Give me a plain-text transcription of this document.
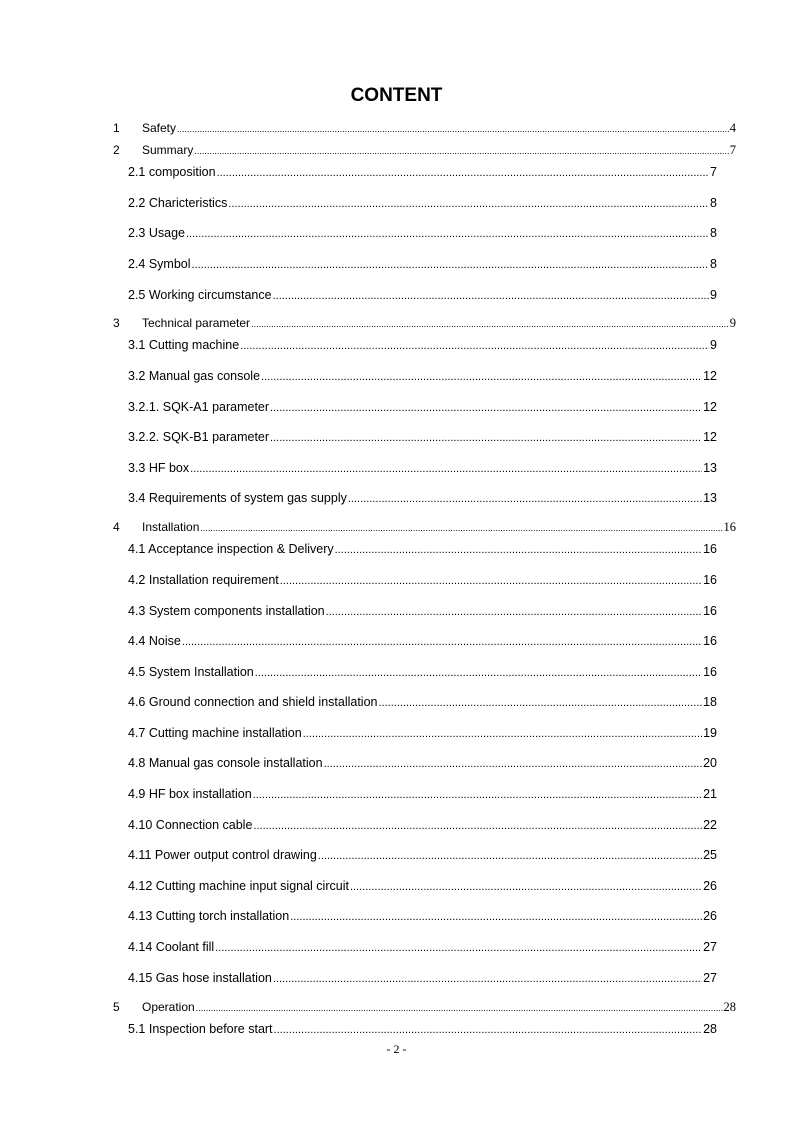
CONTENT
1	Safety .....	4
2	Summary .....	7
2.1 composition .....	7
2.2 Charicteristics .....	8
2.3 Usage .....	8
2.4 Symbol .....	8
2.5 Working circumstance .....	9
3	Technical parameter .....	9
3.1 Cutting machine .....	9
3.2 Manual gas console .....	12
3.2.1. SQK-A1 parameter .....	12
3.2.2. SQK-B1 parameter .....	12
3.3 HF box .....	13
3.4 Requirements of system gas supply .....	13
4	Installation .....	16
4.1 Acceptance inspection & Delivery .....	16
4.2 Installation requirement .....	16
4.3 System components installation .....	16
4.4 Noise .....	16
4.5 System Installation .....	16
4.6 Ground connection and shield installation .....	18
4.7 Cutting machine installation .....	19
4.8 Manual gas console installation .....	20
4.9 HF box installation .....	21
4.10 Connection cable .....	22
4.11 Power output control drawing .....	25
4.12 Cutting machine input signal circuit .....	26
4.13 Cutting torch installation .....	26
4.14 Coolant fill .....	27
4.15 Gas hose installation .....	27
5	Operation .....	28
5.1 Inspection before start .....	28
- 2 -
